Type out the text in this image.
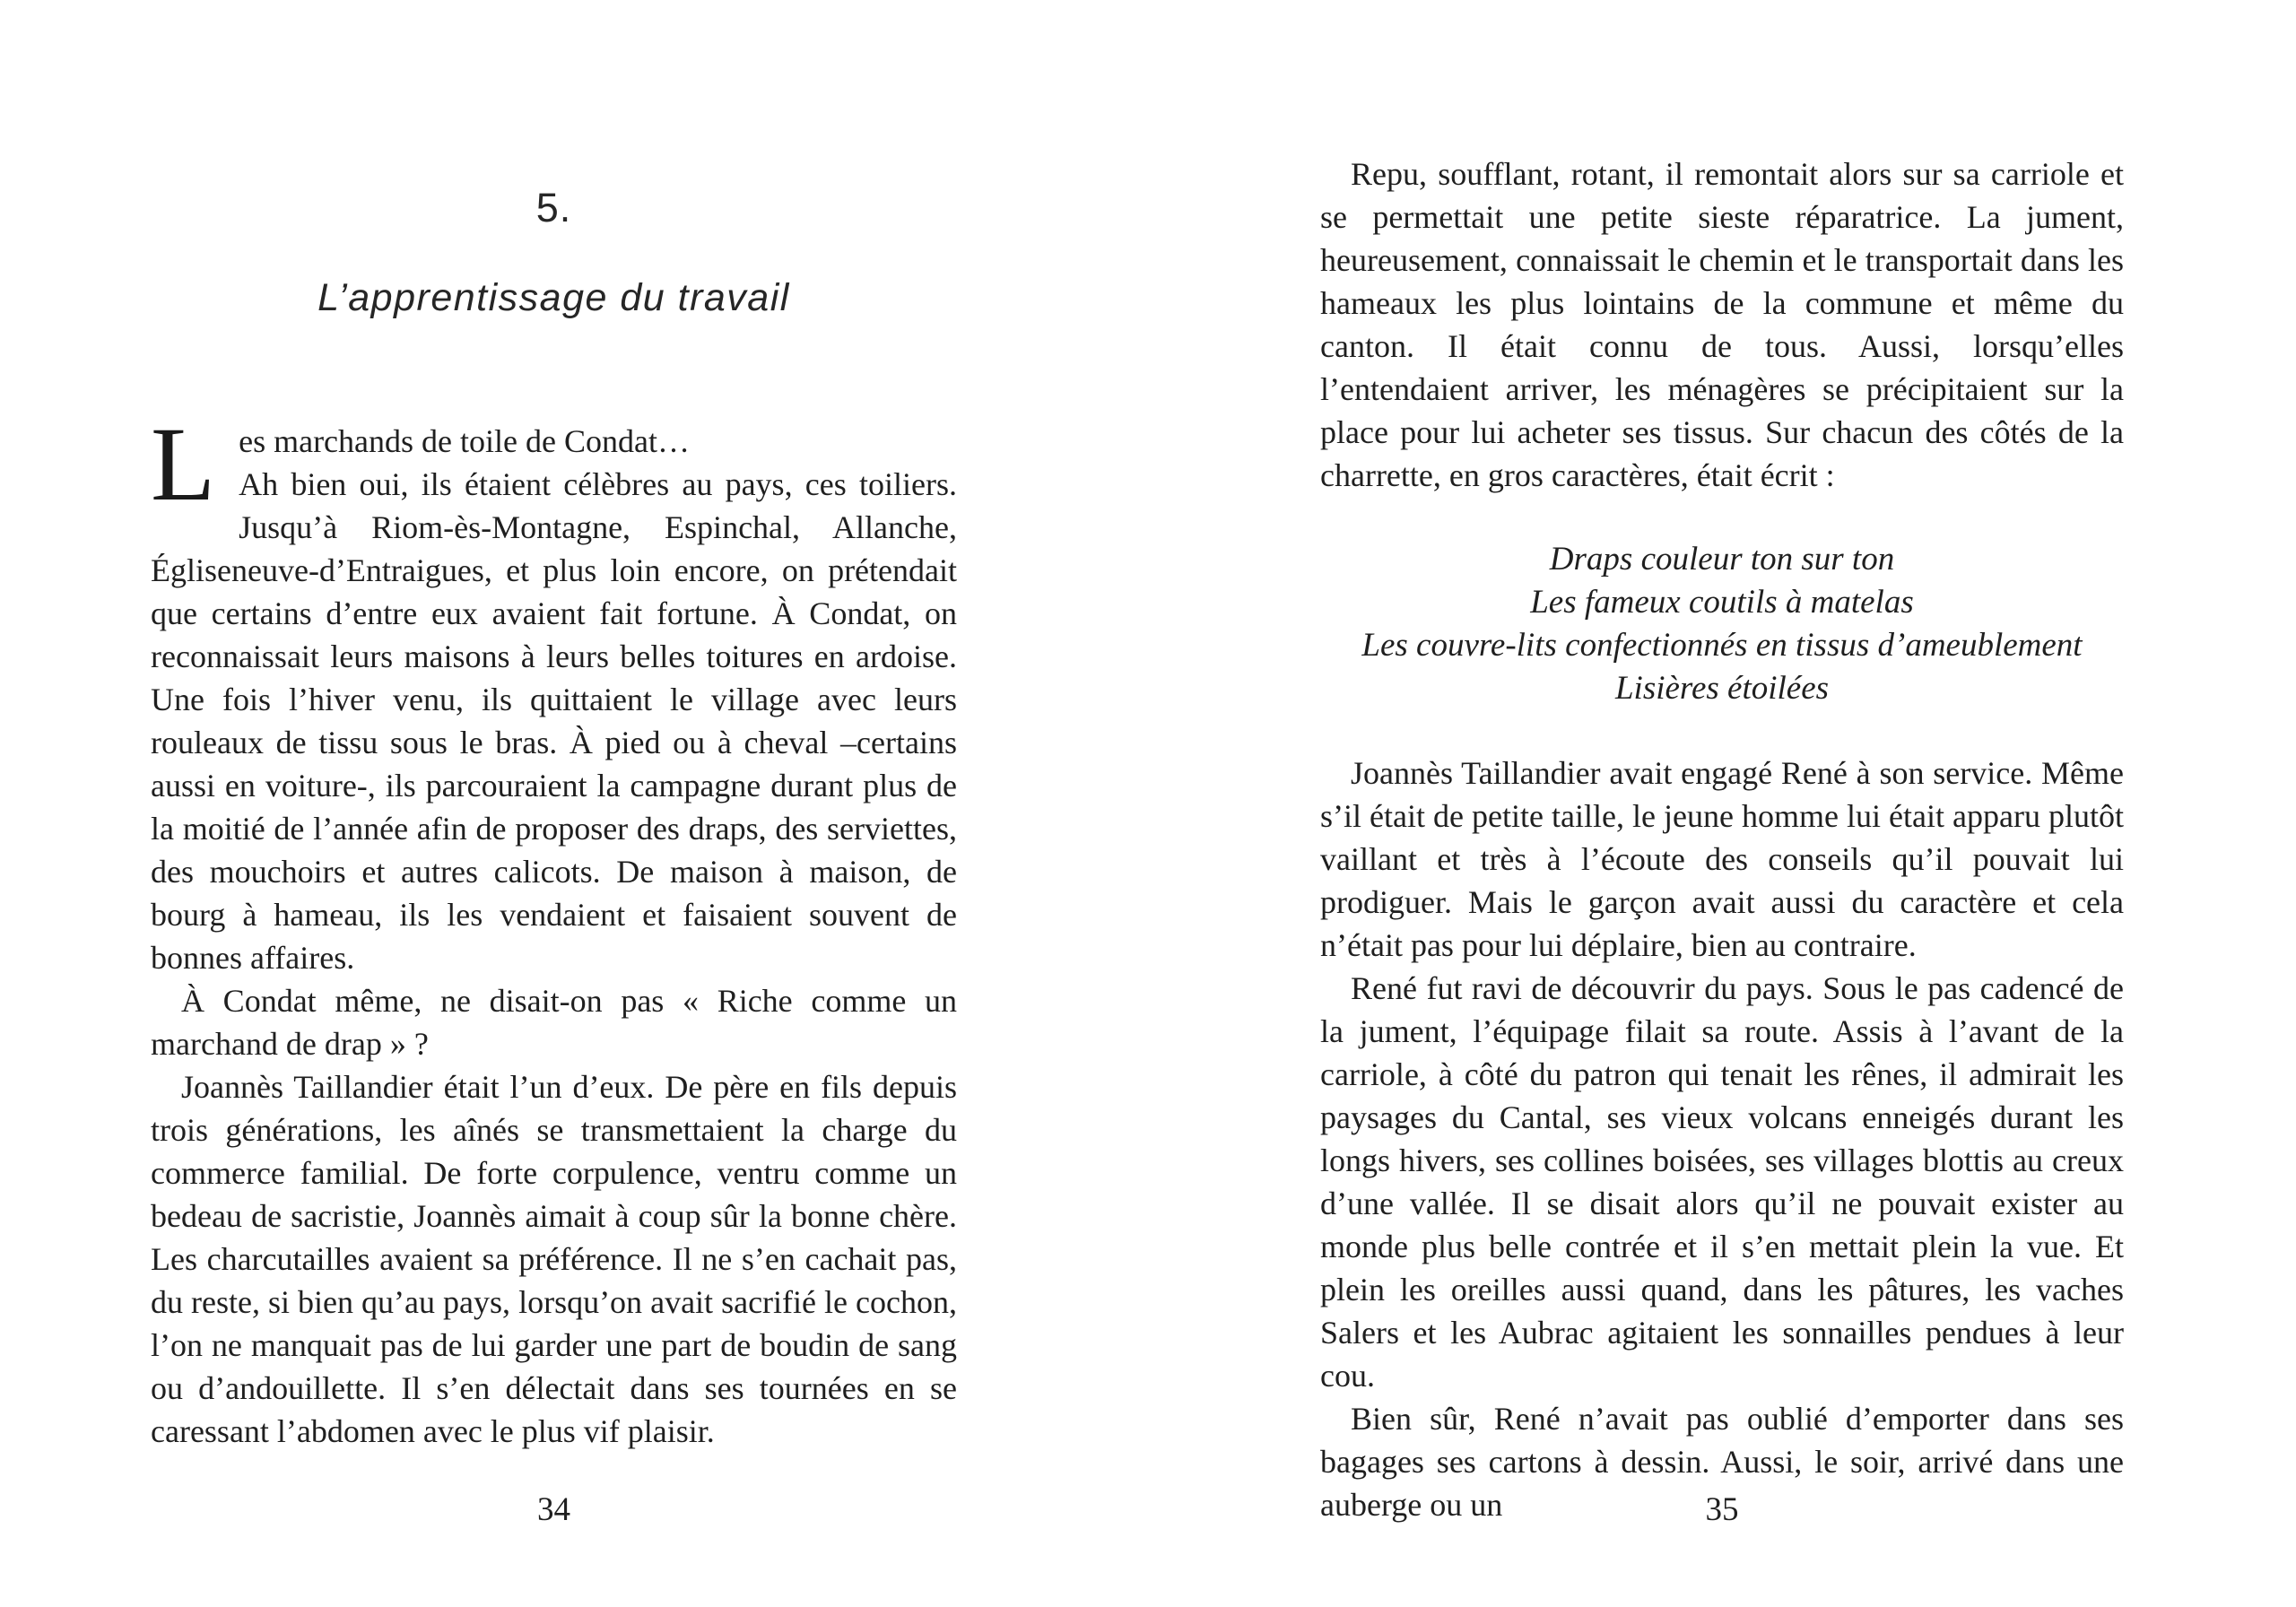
5.
L’apprentissage du travail

Les marchands de toile de Condat…
Ah bien oui, ils étaient célèbres au pays, ces toiliers. Jusqu’à Riom-ès-Montagne, Espinchal, Allanche, Égliseneuve-d’Entraigues, et plus loin encore, on prétendait que certains d’entre eux avaient fait fortune. À Condat, on reconnaissait leurs maisons à leurs belles toitures en ardoise. Une fois l’hiver venu, ils quittaient le village avec leurs rouleaux de tissu sous le bras. À pied ou à cheval –certains aussi en voiture-, ils parcouraient la campagne durant plus de la moitié de l’année afin de proposer des draps, des serviettes, des mouchoirs et autres calicots. De maison à maison, de bourg à hameau, ils les vendaient et faisaient souvent de bonnes affaires.

À Condat même, ne disait-on pas « Riche comme un marchand de drap » ?

Joannès Taillandier était l’un d’eux. De père en fils depuis trois générations, les aînés se transmettaient la charge du commerce familial. De forte corpulence, ventru comme un bedeau de sacristie, Joannès aimait à coup sûr la bonne chère. Les charcutailles avaient sa préférence. Il ne s’en cachait pas, du reste, si bien qu’au pays, lorsqu’on avait sacrifié le cochon, l’on ne manquait pas de lui garder une part de boudin de sang ou d’andouillette. Il s’en délectait dans ses tournées en se caressant l’abdomen avec le plus vif plaisir.

34

Repu, soufflant, rotant, il remontait alors sur sa carriole et se permettait une petite sieste réparatrice. La jument, heureusement, connaissait le chemin et le transportait dans les hameaux les plus lointains de la commune et même du canton. Il était connu de tous. Aussi, lorsqu’elles l’entendaient arriver, les ménagères se précipitaient sur la place pour lui acheter ses tissus. Sur chacun des côtés de la charrette, en gros caractères, était écrit :

Draps couleur ton sur ton
Les fameux coutils à matelas
Les couvre-lits confectionnés en tissus d’ameublement
Lisières étoilées

Joannès Taillandier avait engagé René à son service. Même s’il était de petite taille, le jeune homme lui était apparu plutôt vaillant et très à l’écoute des conseils qu’il pouvait lui prodiguer. Mais le garçon avait aussi du caractère et cela n’était pas pour lui déplaire, bien au contraire.

René fut ravi de découvrir du pays. Sous le pas cadencé de la jument, l’équipage filait sa route. Assis à l’avant de la carriole, à côté du patron qui tenait les rênes, il admirait les paysages du Cantal, ses vieux volcans enneigés durant les longs hivers, ses collines boisées, ses villages blottis au creux d’une vallée. Il se disait alors qu’il ne pouvait exister au monde plus belle contrée et il s’en mettait plein la vue. Et plein les oreilles aussi quand, dans les pâtures, les vaches Salers et les Aubrac agitaient les sonnailles pendues à leur cou.

Bien sûr, René n’avait pas oublié d’emporter dans ses bagages ses cartons à dessin. Aussi, le soir, arrivé dans une auberge ou un	35
